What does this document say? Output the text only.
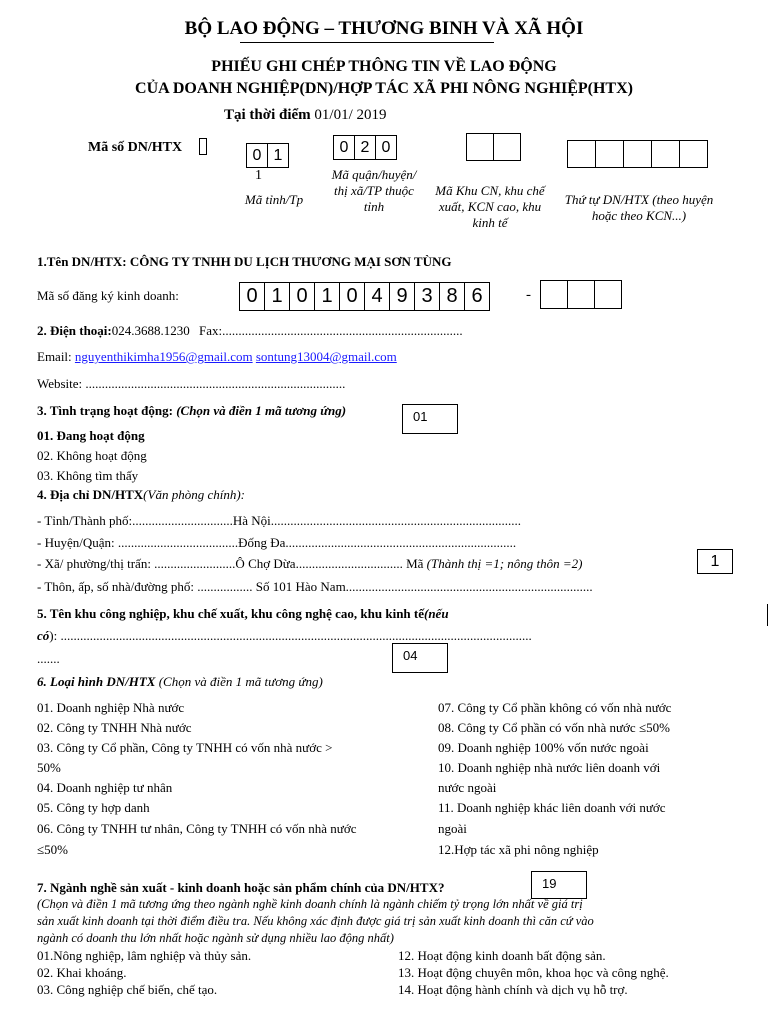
BỘ LAO ĐỘNG – THƯƠNG BINH VÀ XÃ HỘI
PHIẾU GHI CHÉP THÔNG TIN VỀ LAO ĐỘNG
CỦA DOANH NGHIỆP(DN)/HỢP TÁC XÃ PHI NÔNG NGHIỆP(HTX)
Tại thời điểm 01/01/ 2019
Mã số DN/HTX	0 1
1
0 2 0
Mã tỉnh/Tp
Mã quận/huyện/ thị xã/TP thuộc tỉnh
Mã Khu CN, khu chế xuất, KCN cao, khu kinh tế
Thứ tự DN/HTX (theo huyện hoặc theo KCN...)
1.Tên DN/HTX: CÔNG TY TNHH DU LỊCH THƯƠNG MẠI SƠN TÙNG
Mã số đăng ký kinh doanh:	0 1 0 1 0 4 9 3 8 6	-
2. Điện thoại:024.3688.1230 Fax:..........................................................................
Email: nguyenthikimha1956@gmail.com sontung13004@gmail.com
Website: ................................................................................
3. Tình trạng hoạt động: (Chọn và điền 1 mã tương ứng)	01
01. Đang hoạt động
02. Không hoạt động
03. Không tìm thấy
4. Địa chỉ DN/HTX(Văn phòng chính):
- Tỉnh/Thành phố:...............................Hà Nội.............................................................................
- Huyện/Quận: .....................................Đống Đa.......................................................................
- Xã/ phường/thị trấn: .........................Ô Chợ Dừa................................. Mã (Thành thị =1; nông thôn =2)	1
- Thôn, ấp, số nhà/đường phố: ................. Số 101 Hào Nam............................................................................
5. Tên khu công nghiệp, khu chế xuất, khu công nghệ cao, khu kinh tế(nếu
có): .................................................................................................................................................
.......	04
6. Loại hình DN/HTX (Chọn và điền 1 mã tương ứng)
01. Doanh nghiệp Nhà nước
02. Công ty TNHH Nhà nước
03. Công ty Cổ phần, Công ty TNHH có vốn nhà nước >
50%
04. Doanh nghiệp tư nhân
05. Công ty hợp danh
06. Công ty TNHH tư nhân, Công ty TNHH có vốn nhà nước
≤50%
07. Công ty Cổ phần không có vốn nhà nước
08. Công ty Cổ phần có vốn nhà nước ≤50%
09. Doanh nghiệp 100% vốn nước ngoài
10. Doanh nghiệp nhà nước liên doanh với
nước ngoài
11. Doanh nghiệp khác liên doanh với nước
ngoài
12.Hợp tác xã phi nông nghiệp
7. Ngành nghề sản xuất - kinh doanh hoặc sản phẩm chính của DN/HTX?	19
(Chọn và điền 1 mã tương ứng theo ngành nghề kinh doanh chính là ngành chiếm tỷ trọng lớn nhất về giá trị
sản xuất kinh doanh tại thời điểm điều tra. Nếu không xác định được giá trị sản xuất kinh doanh thì căn cứ vào
ngành có doanh thu lớn nhất hoặc ngành sử dụng nhiều lao động nhất)
01.Nông nghiệp, lâm nghiệp và thủy sản.
02. Khai khoáng.
03. Công nghiệp chế biến, chế tạo.
12. Hoạt động kinh doanh bất động sản.
13. Hoạt động chuyên môn, khoa học và công nghệ.
14. Hoạt động hành chính và dịch vụ hỗ trợ.
